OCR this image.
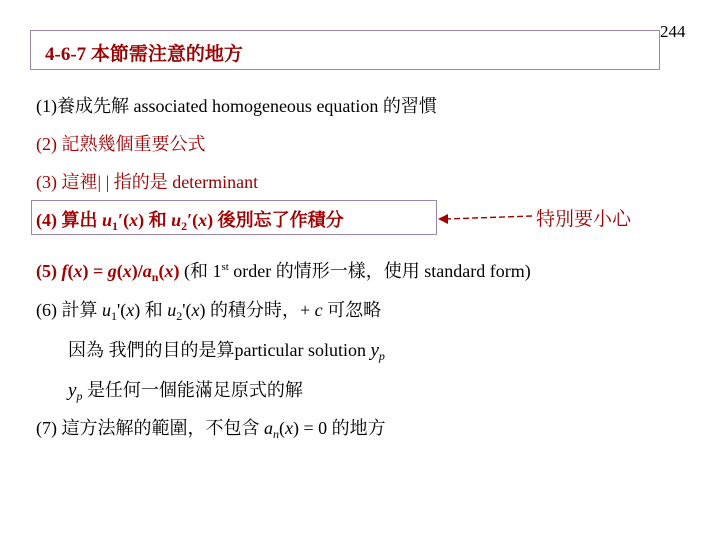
244
4-6-7 本節需注意的地方
(1)養成先解 associated homogeneous equation 的習慣
(2) 記熟幾個重要公式
(3) 這裡| | 指的是 determinant
(4) 算出 $u_1'(x)$ 和 $u_2'(x)$ 後別忘了作積分	特別要小心
(5) $f(x) = g(x)/a_n(x)$ (和 1st order 的情形一樣，使用 standard form)
(6) 計算 $u_1'(x)$ 和 $u_2'(x)$ 的積分時，+ c 可忽略
因為 我們的目的是算particular solution $y_p$
$y_p$ 是任何一個能滿足原式的解
(7) 這方法解的範圍，不包含 $a_n(x) = 0$ 的地方
